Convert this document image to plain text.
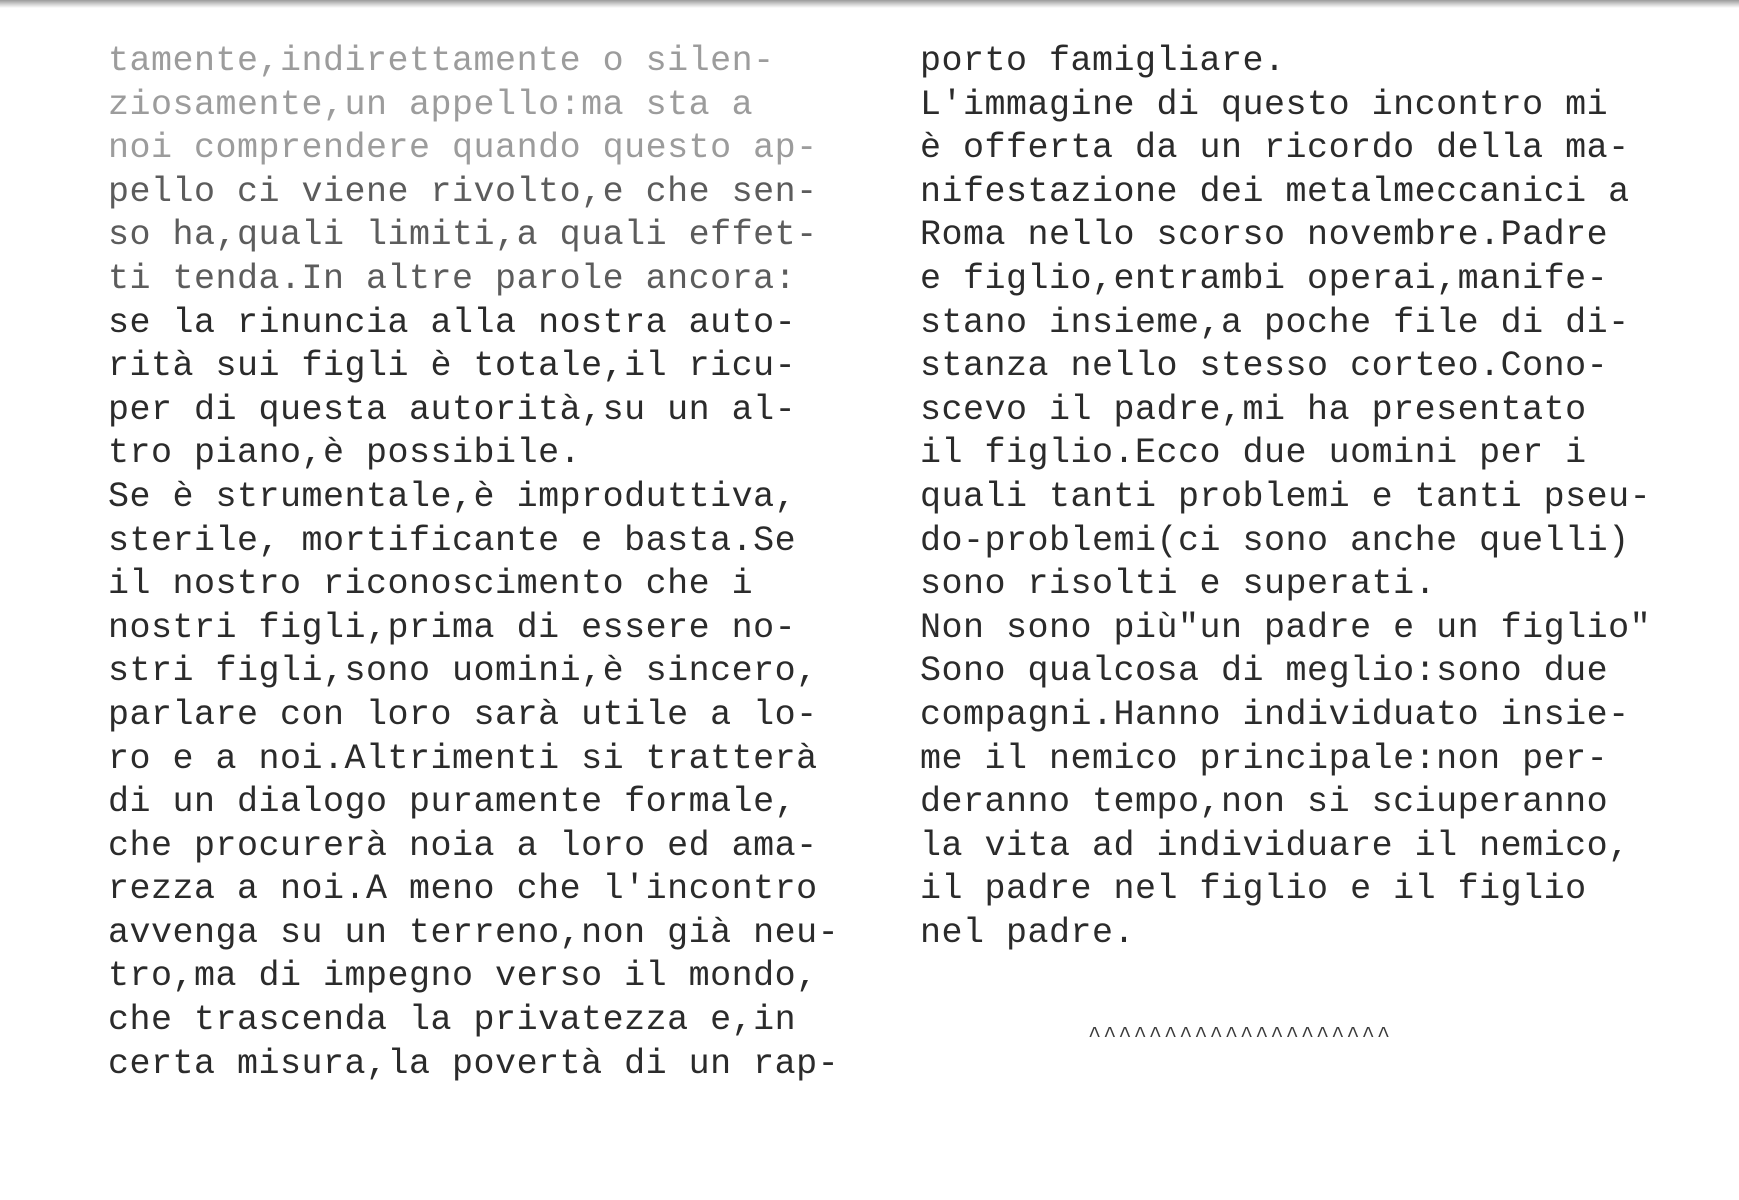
tamente,indirettamente o silen-
ziosamente,un appello:ma sta a
noi comprendere quando questo ap-
pello ci viene rivolto,e che sen-
so ha,quali limiti,a quali effet-
ti tenda.In altre parole ancora:
se la rinuncia alla nostra auto-
rità sui figli è totale,il ricu-
per di questa autorità,su un al-
tro piano,è possibile.
Se è strumentale,è improduttiva,
sterile, mortificante e basta.Se
il nostro riconoscimento che i
nostri figli,prima di essere no-
stri figli,sono uomini,è sincero,
parlare con loro sarà utile a lo-
ro e a noi.Altrimenti si tratterà
di un dialogo puramente formale,
che procurerà noia a loro ed ama-
rezza a noi.A meno che l'incontro
avvenga su un terreno,non già neu-
tro,ma di impegno verso il mondo,
che trascenda la privatezza e,in
certa misura,la povertà di un rap-
porto famigliare.
L'immagine di questo incontro mi
è offerta da un ricordo della ma-
nifestazione dei metalmeccanici a
Roma nello scorso novembre.Padre
e figlio,entrambi operai,manife-
stano insieme,a poche file di di-
stanza nello stesso corteo.Cono-
scevo il padre,mi ha presentato
il figlio.Ecco due uomini per i
quali tanti problemi e tanti pseu-
do-problemi(ci sono anche quelli)
sono risolti e superati.
Non sono più"un padre e un figlio"
Sono qualcosa di meglio:sono due
compagni.Hanno individuato insie-
me il nemico principale:non per-
deranno tempo,non si sciuperanno
la vita ad individuare il nemico,
il padre nel figlio e il figlio
nel padre.
^^^^^^^^^^^^^^^^^^^^
